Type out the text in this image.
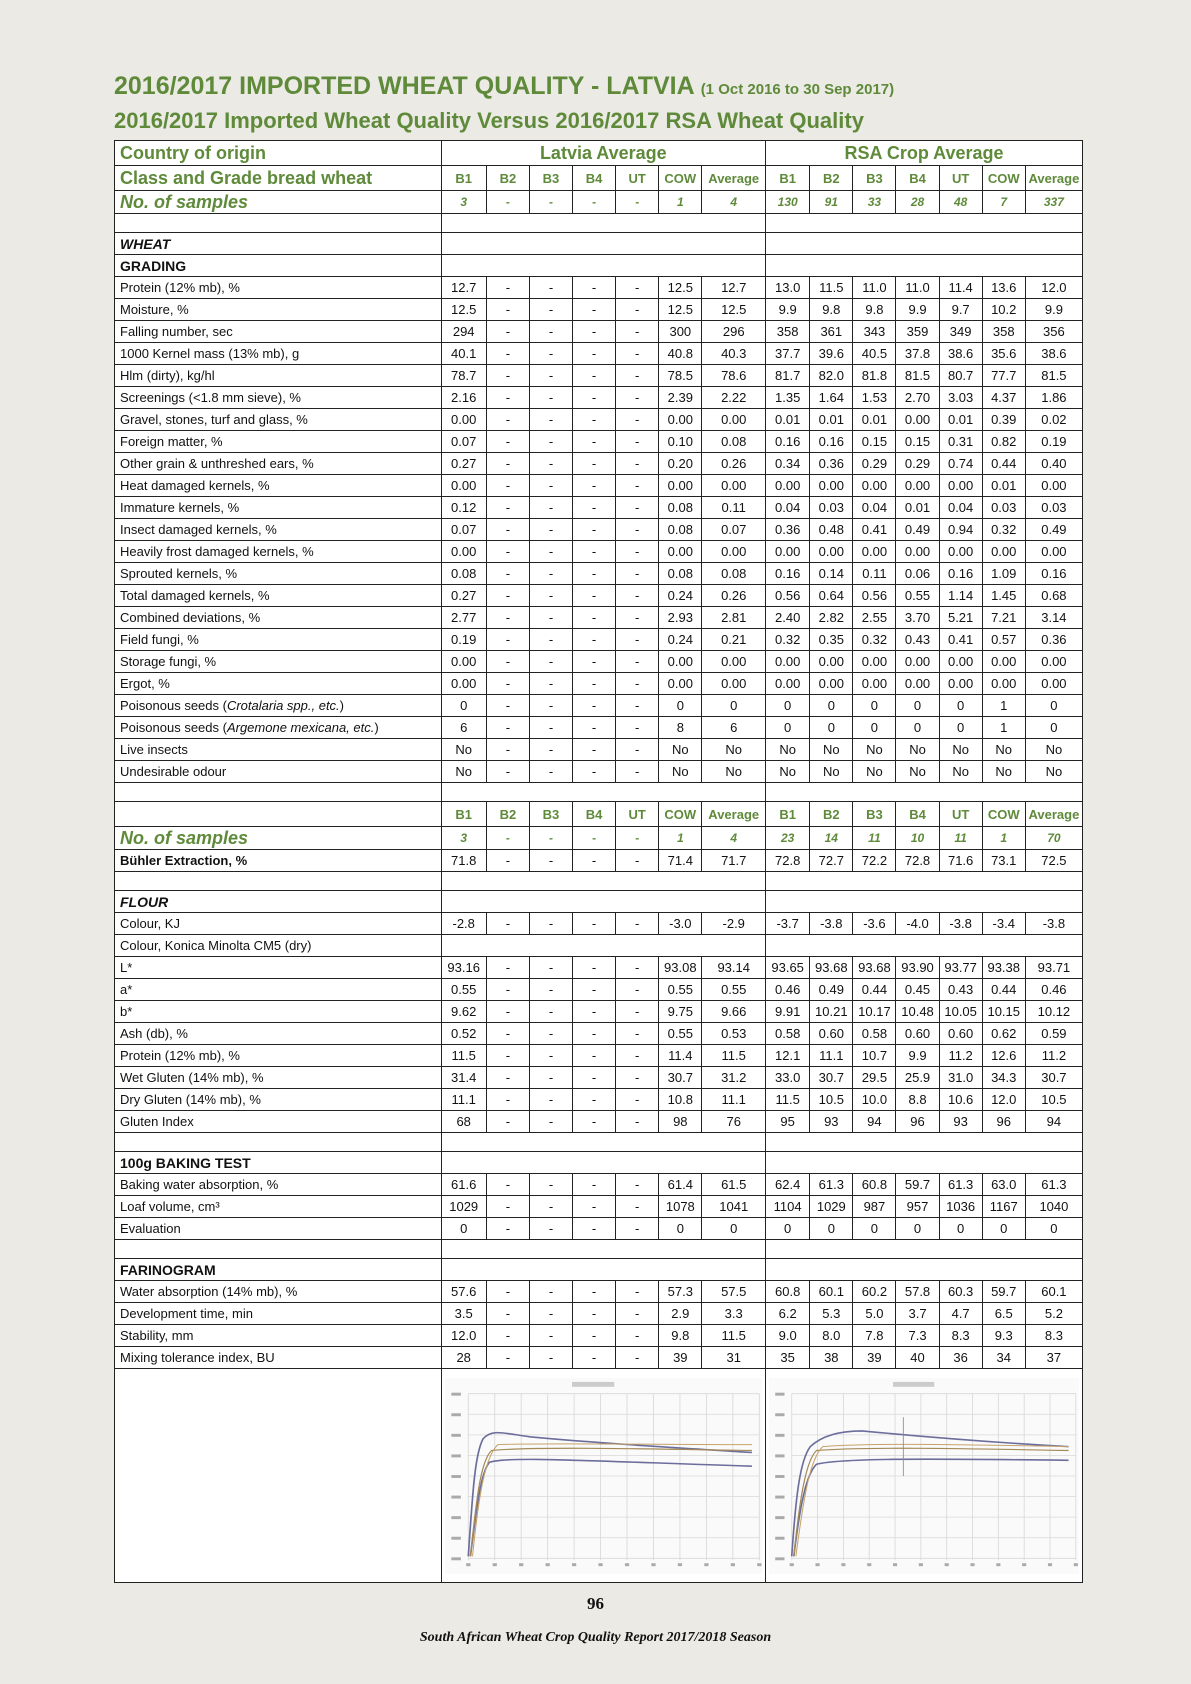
2016/2017 IMPORTED WHEAT QUALITY - LATVIA (1 Oct 2016 to 30 Sep 2017)
2016/2017 Imported Wheat Quality Versus 2016/2017 RSA Wheat Quality
Country of origin	Latvia Average							RSA Crop Average						
Class and Grade bread wheat	B1	B2	B3	B4	UT	COW	Average	B1	B2	B3	B4	UT	COW	Average
No. of samples	3	-	-	-	-	1	4	130	91	33	28	48	7	337

WHEAT														
GRADING														
Protein (12% mb), %	12.7	-	-	-	-	12.5	12.7	13.0	11.5	11.0	11.0	11.4	13.6	12.0
Moisture, %	12.5	-	-	-	-	12.5	12.5	9.9	9.8	9.8	9.9	9.7	10.2	9.9
Falling number, sec	294	-	-	-	-	300	296	358	361	343	359	349	358	356
1000 Kernel mass (13% mb), g	40.1	-	-	-	-	40.8	40.3	37.7	39.6	40.5	37.8	38.6	35.6	38.6
Hlm (dirty), kg/hl	78.7	-	-	-	-	78.5	78.6	81.7	82.0	81.8	81.5	80.7	77.7	81.5
Screenings (<1.8 mm sieve), %	2.16	-	-	-	-	2.39	2.22	1.35	1.64	1.53	2.70	3.03	4.37	1.86
Gravel, stones, turf and glass, %	0.00	-	-	-	-	0.00	0.00	0.01	0.01	0.01	0.00	0.01	0.39	0.02
Foreign matter, %	0.07	-	-	-	-	0.10	0.08	0.16	0.16	0.15	0.15	0.31	0.82	0.19
Other grain & unthreshed ears, %	0.27	-	-	-	-	0.20	0.26	0.34	0.36	0.29	0.29	0.74	0.44	0.40
Heat damaged kernels, %	0.00	-	-	-	-	0.00	0.00	0.00	0.00	0.00	0.00	0.00	0.01	0.00
Immature kernels, %	0.12	-	-	-	-	0.08	0.11	0.04	0.03	0.04	0.01	0.04	0.03	0.03
Insect damaged kernels, %	0.07	-	-	-	-	0.08	0.07	0.36	0.48	0.41	0.49	0.94	0.32	0.49
Heavily frost damaged kernels, %	0.00	-	-	-	-	0.00	0.00	0.00	0.00	0.00	0.00	0.00	0.00	0.00
Sprouted kernels, %	0.08	-	-	-	-	0.08	0.08	0.16	0.14	0.11	0.06	0.16	1.09	0.16
Total damaged kernels, %	0.27	-	-	-	-	0.24	0.26	0.56	0.64	0.56	0.55	1.14	1.45	0.68
Combined deviations, %	2.77	-	-	-	-	2.93	2.81	2.40	2.82	2.55	3.70	5.21	7.21	3.14
Field fungi, %	0.19	-	-	-	-	0.24	0.21	0.32	0.35	0.32	0.43	0.41	0.57	0.36
Storage fungi, %	0.00	-	-	-	-	0.00	0.00	0.00	0.00	0.00	0.00	0.00	0.00	0.00
Ergot, %	0.00	-	-	-	-	0.00	0.00	0.00	0.00	0.00	0.00	0.00	0.00	0.00
Poisonous seeds (Crotalaria spp., etc.)	0	-	-	-	-	0	0	0	0	0	0	0	1	0
Poisonous seeds (Argemone mexicana, etc.)	6	-	-	-	-	8	6	0	0	0	0	0	1	0
Live insects	No	-	-	-	-	No	No	No	No	No	No	No	No	No
Undesirable odour	No	-	-	-	-	No	No	No	No	No	No	No	No	No

	B1	B2	B3	B4	UT	COW	Average	B1	B2	B3	B4	UT	COW	Average
No. of samples	3	-	-	-	-	1	4	23	14	11	10	11	1	70
Bühler Extraction, %	71.8	-	-	-	-	71.4	71.7	72.8	72.7	72.2	72.8	71.6	73.1	72.5

FLOUR														
Colour, KJ	-2.8	-	-	-	-	-3.0	-2.9	-3.7	-3.8	-3.6	-4.0	-3.8	-3.4	-3.8
Colour, Konica Minolta CM5 (dry)														
L*	93.16	-	-	-	-	93.08	93.14	93.65	93.68	93.68	93.90	93.77	93.38	93.71
a*	0.55	-	-	-	-	0.55	0.55	0.46	0.49	0.44	0.45	0.43	0.44	0.46
b*	9.62	-	-	-	-	9.75	9.66	9.91	10.21	10.17	10.48	10.05	10.15	10.12
Ash (db), %	0.52	-	-	-	-	0.55	0.53	0.58	0.60	0.58	0.60	0.60	0.62	0.59
Protein (12% mb), %	11.5	-	-	-	-	11.4	11.5	12.1	11.1	10.7	9.9	11.2	12.6	11.2
Wet Gluten (14% mb), %	31.4	-	-	-	-	30.7	31.2	33.0	30.7	29.5	25.9	31.0	34.3	30.7
Dry Gluten (14% mb), %	11.1	-	-	-	-	10.8	11.1	11.5	10.5	10.0	8.8	10.6	12.0	10.5
Gluten Index	68	-	-	-	-	98	76	95	93	94	96	93	96	94

100g BAKING TEST														
Baking water absorption, %	61.6	-	-	-	-	61.4	61.5	62.4	61.3	60.8	59.7	61.3	63.0	61.3
Loaf volume, cm³	1029	-	-	-	-	1078	1041	1104	1029	987	957	1036	1167	1040
Evaluation	0	-	-	-	-	0	0	0	0	0	0	0	0	0

FARINOGRAM														
Water absorption (14% mb), %	57.6	-	-	-	-	57.3	57.5	60.8	60.1	60.2	57.8	60.3	59.7	60.1
Development time, min	3.5	-	-	-	-	2.9	3.3	6.2	5.3	5.0	3.7	4.7	6.5	5.2
Stability, mm	12.0	-	-	-	-	9.8	11.5	9.0	8.0	7.8	7.3	8.3	9.3	8.3
Mixing tolerance index, BU	28	-	-	-	-	39	31	35	38	39	40	36	34	37

96
South African Wheat Crop Quality Report 2017/2018 Season
